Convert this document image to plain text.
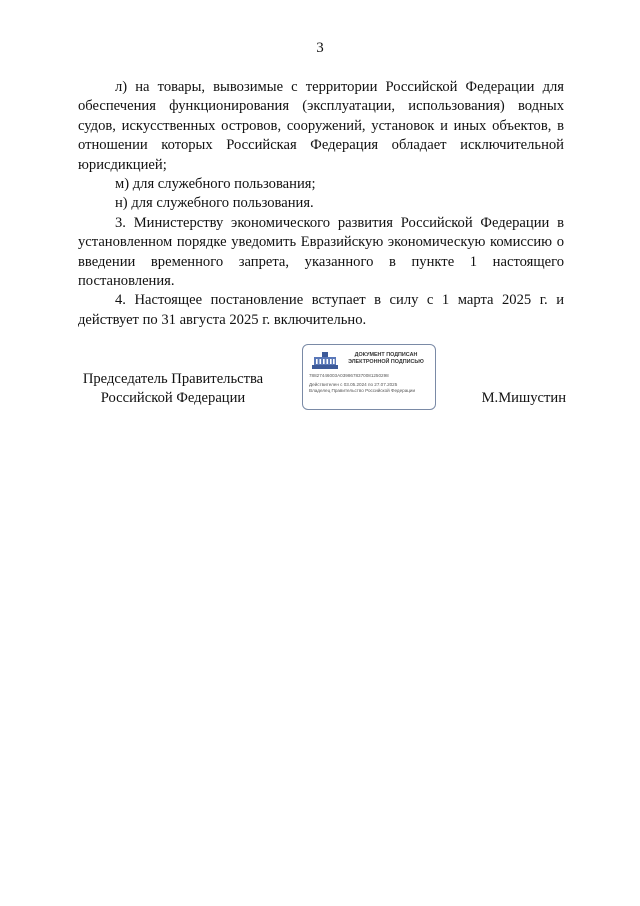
3

л) на товары, вывозимые с территории Российской Федерации для обеспечения функционирования (эксплуатации, использования) водных судов, искусственных островов, сооружений, установок и иных объектов, в отношении которых Российская Федерация обладает исключительной юрисдикцией;

м) для служебного пользования;

н) для служебного пользования.

3. Министерству экономического развития Российской Федерации в установленном порядке уведомить Евразийскую экономическую комиссию о введении временного запрета, указанного в пункте 1 настоящего постановления.

4. Настоящее постановление вступает в силу с 1 марта 2025 г. и действует по 31 августа 2025 г. включительно.

Председатель Правительства
Российской Федерации
ДОКУМЕНТ ПОДПИСАН
ЭЛЕКТРОННОЙ ПОДПИСЬЮ
78827446003A0398678370081250298
Действителен с 03.05.2024 по 27.07.2025
Владелец Правительство Российской Федерации	М.Мишустин
